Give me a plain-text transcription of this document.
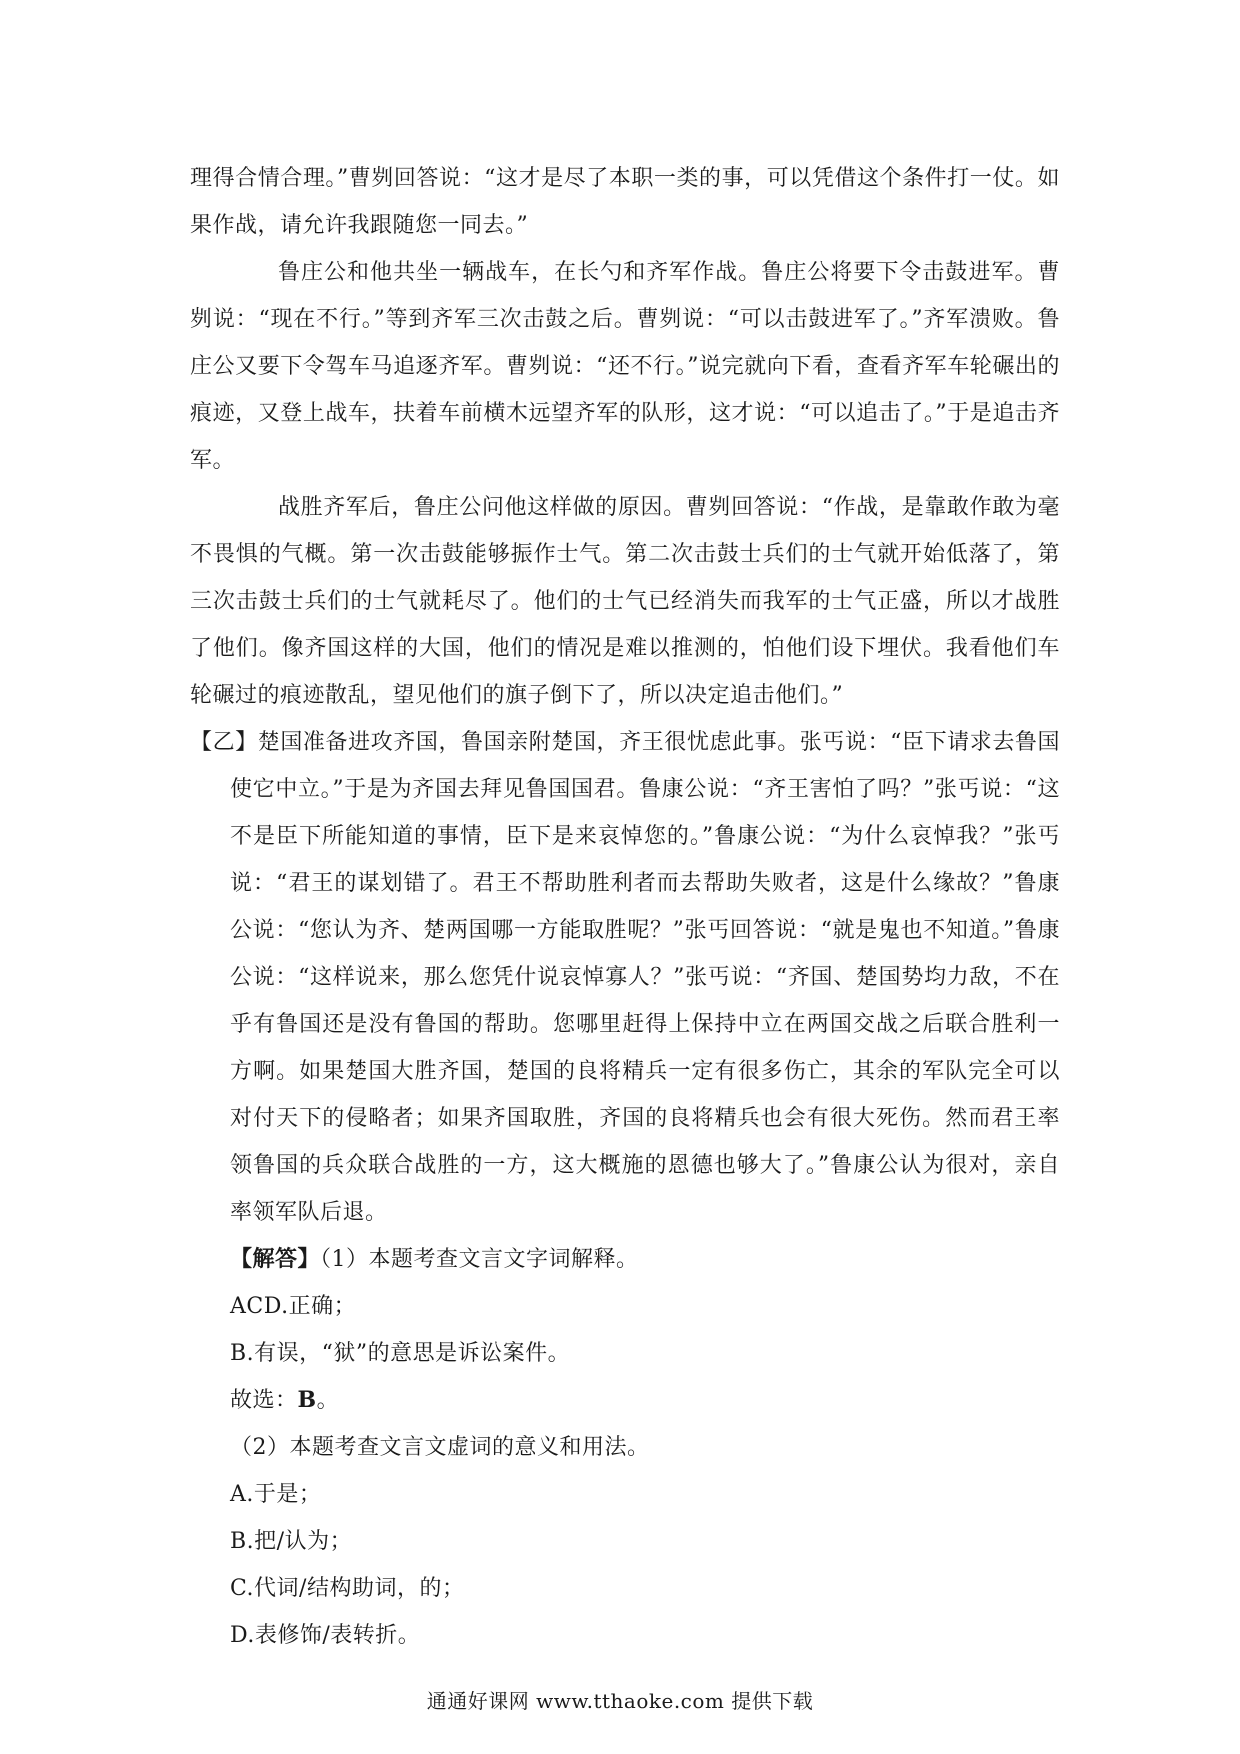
理得合情合理。”曹刿回答说：“这才是尽了本职一类的事，可以凭借这个条件打一仗。如果作战，请允许我跟随您一同去。”

鲁庄公和他共坐一辆战车，在长勺和齐军作战。鲁庄公将要下令击鼓进军。曹刿说：“现在不行。”等到齐军三次击鼓之后。曹刿说：“可以击鼓进军了。”齐军溃败。鲁庄公又要下令驾车马追逐齐军。曹刿说：“还不行。”说完就向下看，查看齐军车轮碾出的痕迹，又登上战车，扶着车前横木远望齐军的队形，这才说：“可以追击了。”于是追击齐军。

战胜齐军后，鲁庄公问他这样做的原因。曹刿回答说：“作战，是靠敢作敢为毫不畏惧的气概。第一次击鼓能够振作士气。第二次击鼓士兵们的士气就开始低落了，第三次击鼓士兵们的士气就耗尽了。他们的士气已经消失而我军的士气正盛，所以才战胜了他们。像齐国这样的大国，他们的情况是难以推测的，怕他们设下埋伏。我看他们车轮碾过的痕迹散乱，望见他们的旗子倒下了，所以决定追击他们。”

【乙】楚国准备进攻齐国，鲁国亲附楚国，齐王很忧虑此事。张丐说：“臣下请求去鲁国使它中立。”于是为齐国去拜见鲁国国君。鲁康公说：“齐王害怕了吗？”张丐说：“这不是臣下所能知道的事情，臣下是来哀悼您的。”鲁康公说：“为什么哀悼我？”张丐说：“君王的谋划错了。君王不帮助胜利者而去帮助失败者，这是什么缘故？”鲁康公说：“您认为齐、楚两国哪一方能取胜呢？”张丐回答说：“就是鬼也不知道。”鲁康公说：“这样说来，那么您凭什说哀悼寡人？”张丐说：“齐国、楚国势均力敌，不在乎有鲁国还是没有鲁国的帮助。您哪里赶得上保持中立在两国交战之后联合胜利一方啊。如果楚国大胜齐国，楚国的良将精兵一定有很多伤亡，其余的军队完全可以对付天下的侵略者；如果齐国取胜，齐国的良将精兵也会有很大死伤。然而君王率领鲁国的兵众联合战胜的一方，这大概施的恩德也够大了。”鲁康公认为很对，亲自率领军队后退。

【解答】（1）本题考查文言文字词解释。

ACD.正确；

B.有误，“狱”的意思是诉讼案件。

故选：B。

（2）本题考查文言文虚词的意义和用法。

A.于是；

B.把/认为；

C.代词/结构助词，的；

D.表修饰/表转折。

通通好课网 www.tthaoke.com 提供下载
